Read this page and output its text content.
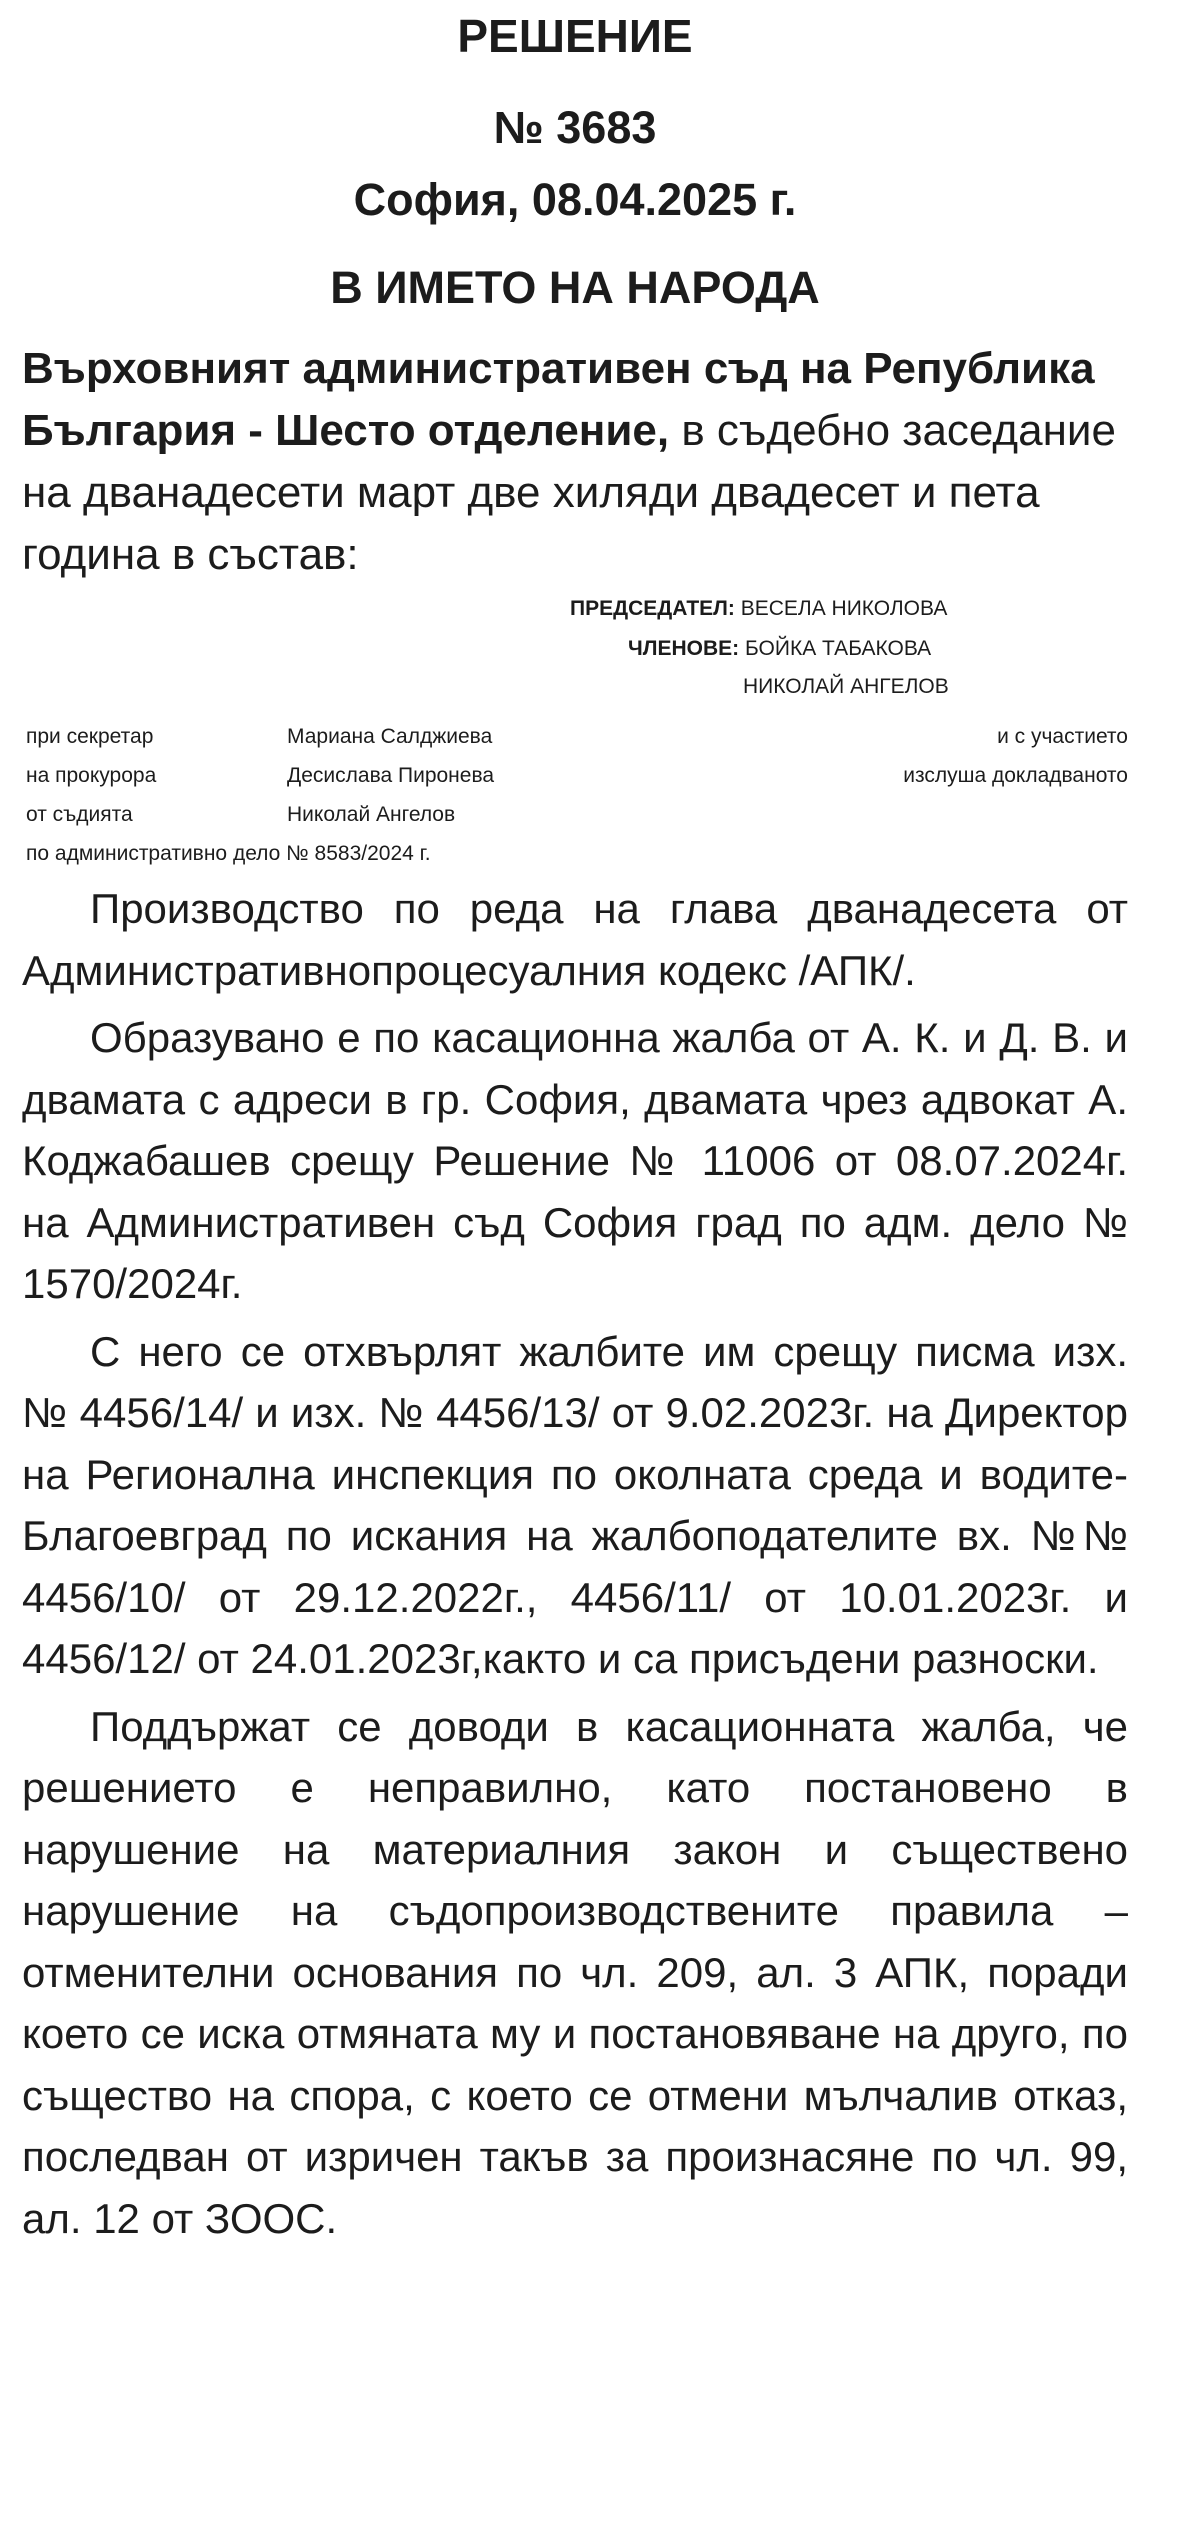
РЕШЕНИЕ
№ 3683
София, 08.04.2025 г.
В ИМЕТО НА НАРОДА

Върховният административен съд на Република България - Шесто отделение, в съдебно заседание на дванадесети март две хиляди двадесет и пета година в състав:

ПРЕДСЕДАТЕЛ: ВЕСЕЛА НИКОЛОВА
ЧЛЕНОВЕ: БОЙКА ТАБАКОВА
НИКОЛАЙ АНГЕЛОВ
при секретар	Мариана Салджиева	и с участието
на прокурора	Десислава Пиронева	изслуша докладваното
от съдията	Николай Ангелов
по административно дело № 8583/2024 г.

Производство по реда на глава дванадесета от Административнопроцесуалния кодекс /АПК/.

Образувано е по касационна жалба от А. К. и Д. В. и двамата с адреси в гр. София, двамата чрез адвокат А. Коджабашев срещу Решение № 11006 от 08.07.2024г. на Административен съд София град по адм. дело № 1570/2024г.

С него се отхвърлят жалбите им срещу писма изх. № 4456/14/ и изх. № 4456/13/ от 9.02.2023г. на Директор на Регионална инспекция по околната среда и водите-Благоевград по искания на жалбоподателите вх. №№ 4456/10/ от 29.12.2022г., 4456/11/ от 10.01.2023г. и 4456/12/ от 24.01.2023г,както и са присъдени разноски.

Поддържат се доводи в касационната жалба, че решението е неправилно, като постановено в нарушение на материалния закон и съществено нарушение на съдопроизводствените правила – отменителни основания по чл. 209, ал. 3 АПК, поради което се иска отмяната му и постановяване на друго, по същество на спора, с което се отмени мълчалив отказ, последван от изричен такъв за произнасяне по чл. 99, ал. 12 от ЗООС.
